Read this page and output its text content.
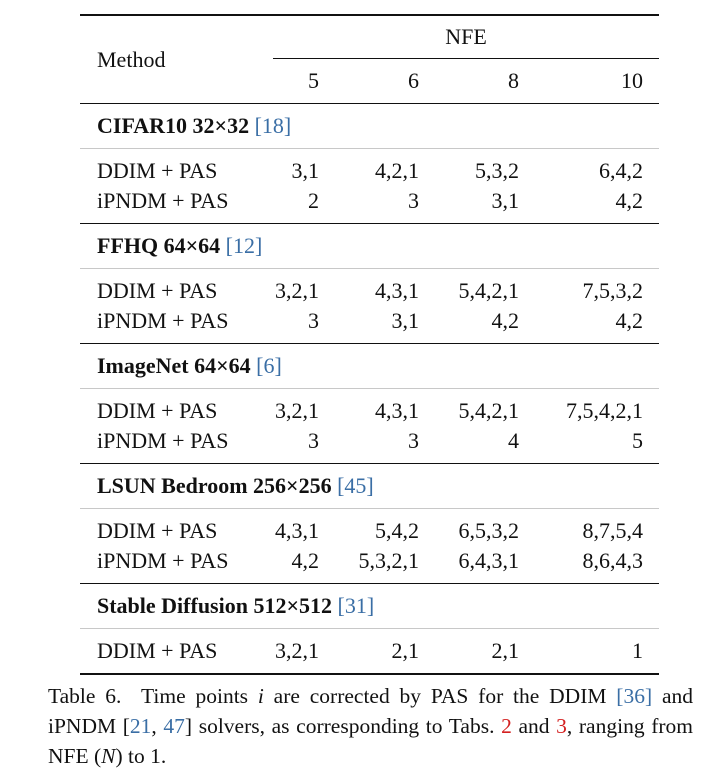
Method	NFE			
	5	6	8	10
CIFAR10 32×32 [18]				
DDIM + PAS	3,1	4,2,1	5,3,2	6,4,2
iPNDM + PAS	2	3	3,1	4,2
FFHQ 64×64 [12]				
DDIM + PAS	3,2,1	4,3,1	5,4,2,1	7,5,3,2
iPNDM + PAS	3	3,1	4,2	4,2
ImageNet 64×64 [6]				
DDIM + PAS	3,2,1	4,3,1	5,4,2,1	7,5,4,2,1
iPNDM + PAS	3	3	4	5
LSUN Bedroom 256×256 [45]				
DDIM + PAS	4,3,1	5,4,2	6,5,3,2	8,7,5,4
iPNDM + PAS	4,2	5,3,2,1	6,4,3,1	8,6,4,3
Stable Diffusion 512×512 [31]				
DDIM + PAS	3,2,1	2,1	2,1	1
Table 6. Time points i are corrected by PAS for the DDIM [36] and iPNDM [21, 47] solvers, as corresponding to Tabs. 2 and 3, ranging from NFE (N) to 1.
